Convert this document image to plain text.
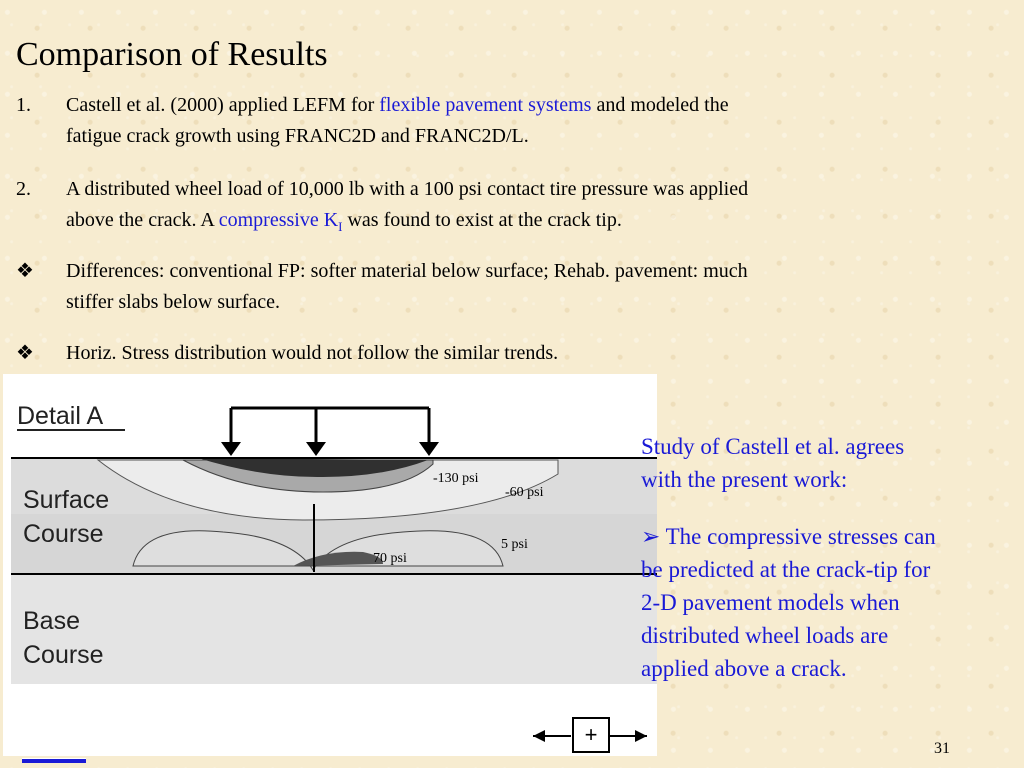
Comparison of Results
1.	Castell et al. (2000) applied LEFM for flexible pavement systems and modeled the
fatigue crack growth using FRANC2D and FRANC2D/L.
2.	A distributed wheel load of 10,000 lb with a 100 psi contact tire pressure was applied
above the crack. A compressive $K_I$ was found to exist at the crack tip.
❖	Differences: conventional FP: softer material below surface; Rehab. pavement: much
stiffer slabs below surface.
❖	Horiz. Stress distribution would not follow the similar trends.
Detail A
Surface
Course
Base
Course
-130 psi
-60 psi
5 psi
70 psi
+
Study of Castell et al. agrees
with the present work:
➢ The compressive stresses can
be predicted at the crack-tip for
2-D pavement models when
distributed wheel loads are
applied above a crack.
31
